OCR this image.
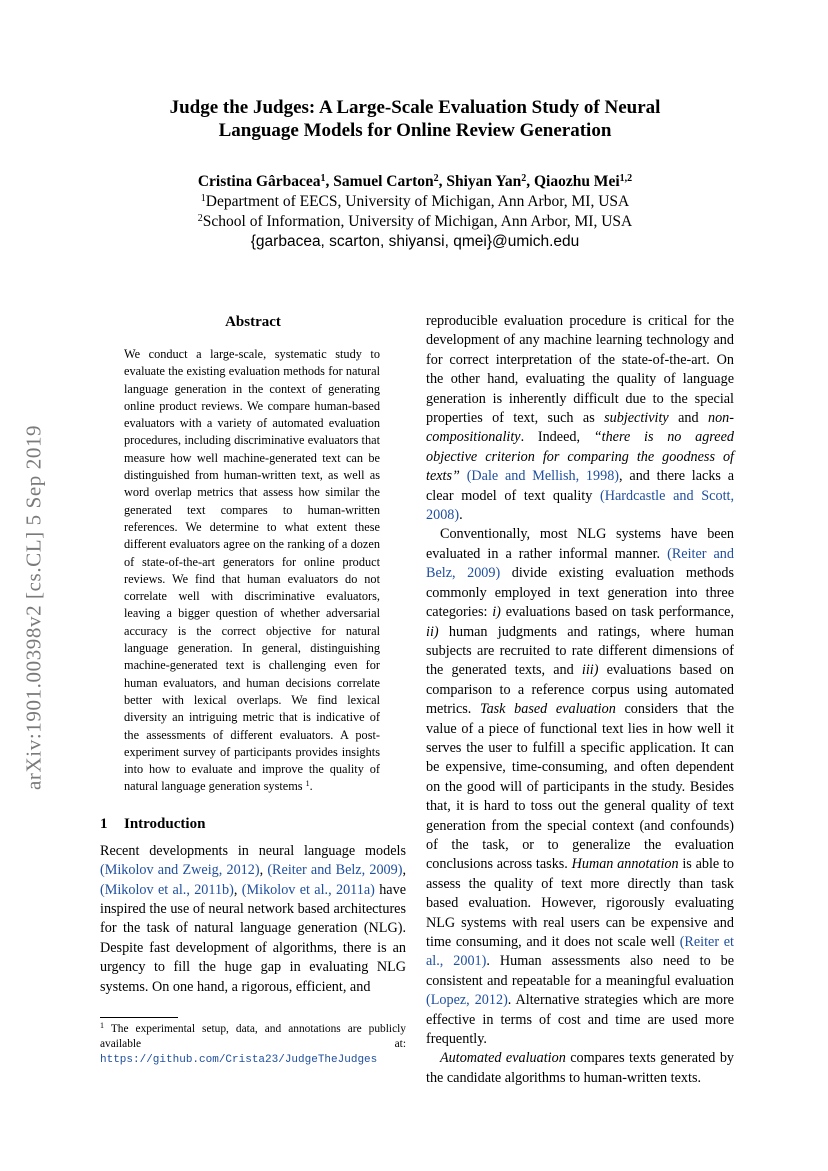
arXiv:1901.00398v2 [cs.CL] 5 Sep 2019
Judge the Judges: A Large-Scale Evaluation Study of Neural
Language Models for Online Review Generation
Cristina Gârbacea$^1$, Samuel Carton$^2$, Shiyan Yan$^2$, Qiaozhu Mei$^{1,2}$
$^1$Department of EECS, University of Michigan, Ann Arbor, MI, USA
$^2$School of Information, University of Michigan, Ann Arbor, MI, USA
{garbacea, scarton, shiyansi, qmei}@umich.edu
Abstract
We conduct a large-scale, systematic study to evaluate the existing evaluation methods for natural language generation in the context of generating online product reviews. We compare human-based evaluators with a variety of automated evaluation procedures, including discriminative evaluators that measure how well machine-generated text can be distinguished from human-written text, as well as word overlap metrics that assess how similar the generated text compares to human-written references. We determine to what extent these different evaluators agree on the ranking of a dozen of state-of-the-art generators for online product reviews. We find that human evaluators do not correlate well with discriminative evaluators, leaving a bigger question of whether adversarial accuracy is the correct objective for natural language generation. In general, distinguishing machine-generated text is challenging even for human evaluators, and human decisions correlate better with lexical overlaps. We find lexical diversity an intriguing metric that is indicative of the assessments of different evaluators. A post-experiment survey of participants provides insights into how to evaluate and improve the quality of natural language generation systems $^1$.
1 Introduction

Recent developments in neural language models (Mikolov and Zweig, 2012), (Reiter and Belz, 2009), (Mikolov et al., 2011b), (Mikolov et al., 2011a) have inspired the use of neural network based architectures for the task of natural language generation (NLG). Despite fast development of algorithms, there is an urgency to fill the huge gap in evaluating NLG systems. On one hand, a rigorous, efficient, and

reproducible evaluation procedure is critical for the development of any machine learning technology and for correct interpretation of the state-of-the-art. On the other hand, evaluating the quality of language generation is inherently difficult due to the special properties of text, such as subjectivity and non-compositionality. Indeed, “there is no agreed objective criterion for comparing the goodness of texts” (Dale and Mellish, 1998), and there lacks a clear model of text quality (Hardcastle and Scott, 2008).

Conventionally, most NLG systems have been evaluated in a rather informal manner. (Reiter and Belz, 2009) divide existing evaluation methods commonly employed in text generation into three categories: i) evaluations based on task performance, ii) human judgments and ratings, where human subjects are recruited to rate different dimensions of the generated texts, and iii) evaluations based on comparison to a reference corpus using automated metrics. Task based evaluation considers that the value of a piece of functional text lies in how well it serves the user to fulfill a specific application. It can be expensive, time-consuming, and often dependent on the good will of participants in the study. Besides that, it is hard to toss out the general quality of text generation from the special context (and confounds) of the task, or to generalize the evaluation conclusions across tasks. Human annotation is able to assess the quality of text more directly than task based evaluation. However, rigorously evaluating NLG systems with real users can be expensive and time consuming, and it does not scale well (Reiter et al., 2001). Human assessments also need to be consistent and repeatable for a meaningful evaluation (Lopez, 2012). Alternative strategies which are more effective in terms of cost and time are used more frequently.

Automated evaluation compares texts generated by the candidate algorithms to human-written texts.

$^1$ The experimental setup, data, and annotations are publicly available at: https://github.com/Crista23/JudgeTheJudges
